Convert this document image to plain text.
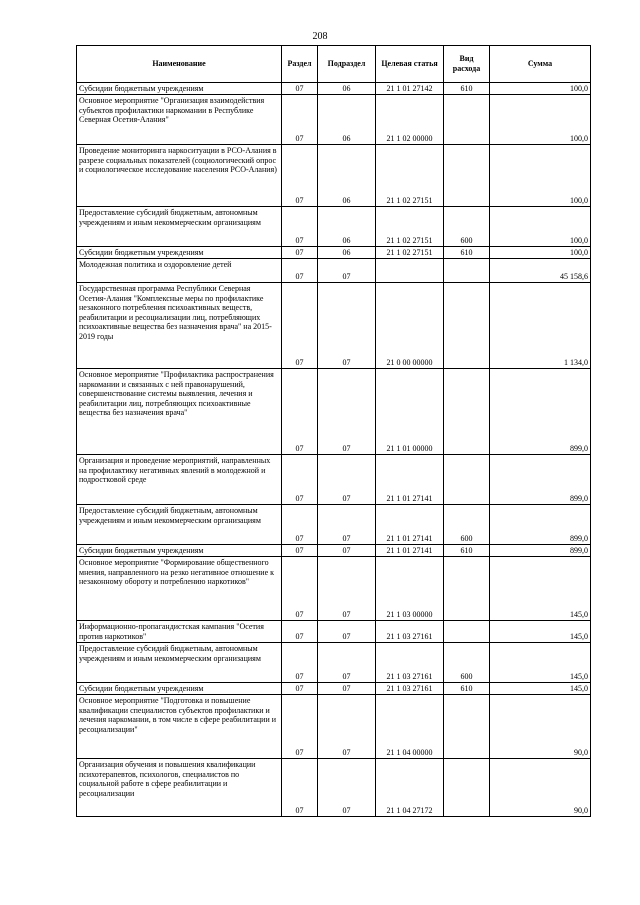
208
Наименование	Раздел	Подраздел	Целевая статья	Вид расхода	Сумма
Субсидии бюджетным учреждениям	07	06	21 1 01 27142	610	100,0
Основное мероприятие "Организация взаимодействия субъектов профилактики наркомании в Республике Северная Осетия-Алания"	07	06	21 1 02 00000		100,0
Проведение мониторинга наркоситуации в РСО-Алания в разрезе социальных показателей (социологический опрос и социологическое исследование населения РСО-Алания)	07	06	21 1 02 27151		100,0
Предоставление субсидий бюджетным, автономным учреждениям и иным некоммерческим организациям	07	06	21 1 02 27151	600	100,0
Субсидии бюджетным учреждениям	07	06	21 1 02 27151	610	100,0
Молодежная политика и оздоровление детей	07	07			45 158,6
Государственная программа Республики Северная Осетия-Алания "Комплексные меры по профилактике незаконного потребления психоактивных веществ, реабилитации и ресоциализации лиц, потребляющих психоактивные вещества без назначения врача" на 2015-2019 годы	07	07	21 0 00 00000		1 134,0
Основное мероприятие "Профилактика распространения наркомании и связанных с ней правонарушений, совершенствование системы выявления, лечения и реабилитации лиц, потребляющих психоактивные вещества без назначения врача"	07	07	21 1 01 00000		899,0
Организация и проведение мероприятий, направленных на профилактику негативных явлений в молодежной и подростковой среде	07	07	21 1 01 27141		899,0
Предоставление субсидий бюджетным, автономным учреждениям и иным некоммерческим организациям	07	07	21 1 01 27141	600	899,0
Субсидии бюджетным учреждениям	07	07	21 1 01 27141	610	899,0
Основное мероприятие "Формирование общественного мнения, направленного на резко негативное отношение к незаконному обороту и потреблению наркотиков"	07	07	21 1 03 00000		145,0
Информационно-пропагандистская кампания "Осетия против наркотиков"	07	07	21 1 03 27161		145,0
Предоставление субсидий бюджетным, автономным учреждениям и иным некоммерческим организациям	07	07	21 1 03 27161	600	145,0
Субсидии бюджетным учреждениям	07	07	21 1 03 27161	610	145,0
Основное мероприятие "Подготовка и повышение квалификации специалистов субъектов профилактики и лечения наркомании, в том числе в сфере реабилитации и ресоциализации"	07	07	21 1 04 00000		90,0
Организация обучения и повышения квалификации психотерапевтов, психологов, специалистов по социальной работе в сфере реабилитации и ресоциализации	07	07	21 1 04 27172		90,0
